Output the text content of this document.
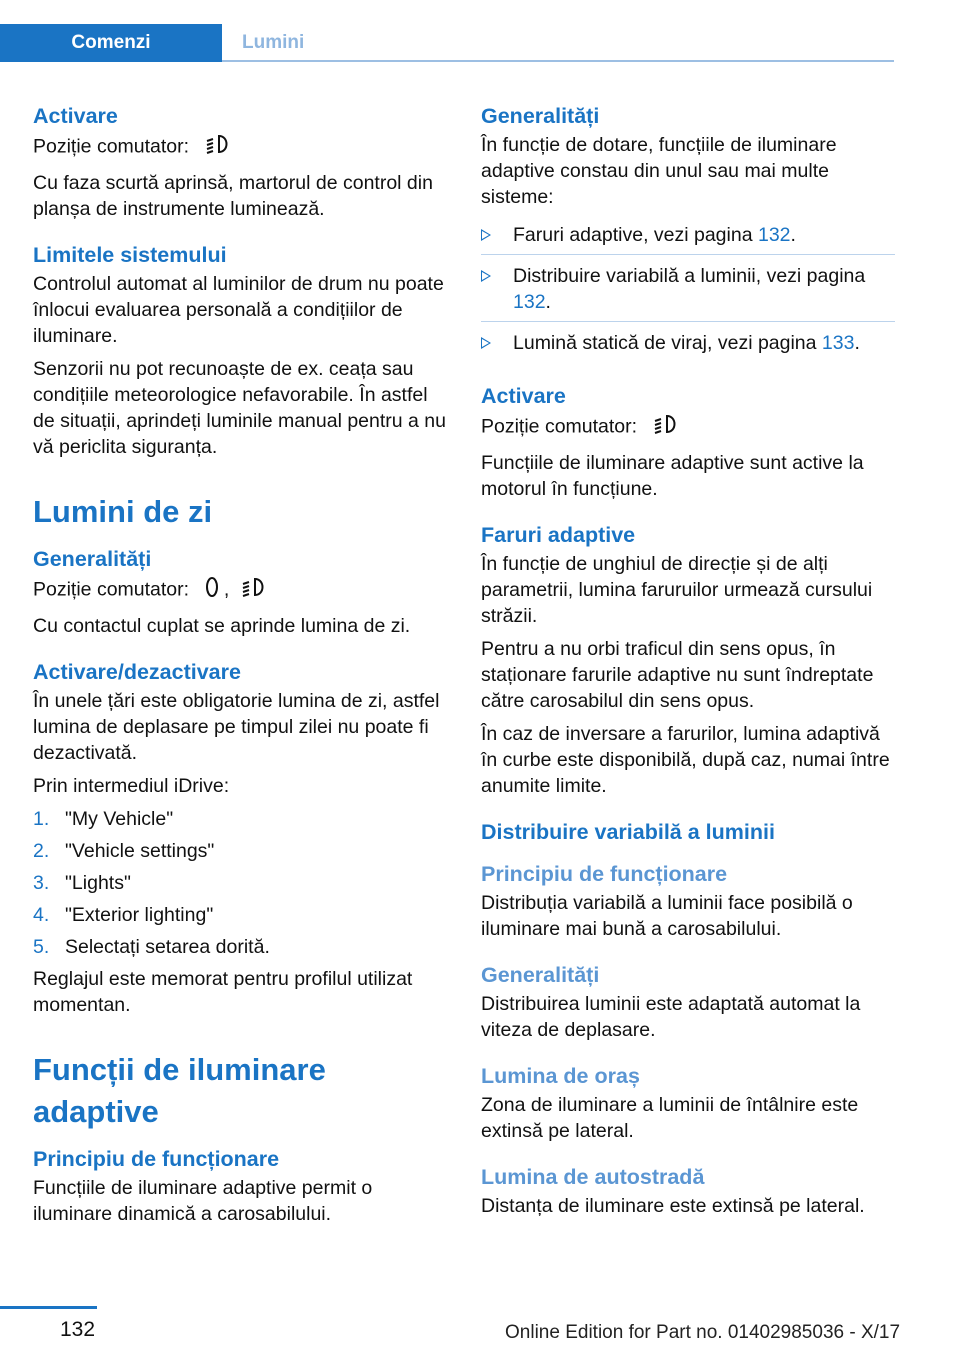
Comenzi	Lumini
Activare

Poziție comutator:

Cu faza scurtă aprinsă, martorul de control din planșa de instrumente luminează.

Limitele sistemului

Controlul automat al luminilor de drum nu poate înlocui evaluarea personală a condițiilor de iluminare.

Senzorii nu pot recunoaște de ex. ceața sau condițiile meteorologice nefavorabile. În astfel de situații, aprindeți luminile manual pentru a nu vă periclita siguranța.

Lumini de zi
Generalități

Poziție comutator: ,

Cu contactul cuplat se aprinde lumina de zi.

Activare/dezactivare

În unele țări este obligatorie lumina de zi, astfel lumina de deplasare pe timpul zilei nu poate fi dezactivată.

Prin intermediul iDrive:

1. "My Vehicle"
2. "Vehicle settings"
3. "Lights"
4. "Exterior lighting"
5. Selectați setarea dorită.

Reglajul este memorat pentru profilul utilizat momentan.

Funcții de iluminare adaptive
Principiu de funcționare

Funcțiile de iluminare adaptive permit o iluminare dinamică a carosabilului.

Generalități

În funcție de dotare, funcțiile de iluminare adaptive constau din unul sau mai multe sisteme:

Faruri adaptive, vezi pagina 132.
Distribuire variabilă a luminii, vezi pagina 132.
Lumină statică de viraj, vezi pagina 133.
Activare

Poziție comutator:

Funcțiile de iluminare adaptive sunt active la motorul în funcțiune.

Faruri adaptive

În funcție de unghiul de direcție și de alți parametrii, lumina faruruilor urmează cursului străzii.

Pentru a nu orbi traficul din sens opus, în staționare farurile adaptive nu sunt îndreptate către carosabilul din sens opus.

În caz de inversare a farurilor, lumina adaptivă în curbe este disponibilă, după caz, numai între anumite limite.

Distribuire variabilă a luminii
Principiu de funcționare

Distribuția variabilă a luminii face posibilă o iluminare mai bună a carosabilului.

Generalități

Distribuirea luminii este adaptată automat la viteza de deplasare.

Lumina de oraș

Zona de iluminare a luminii de întâlnire este extinsă pe lateral.

Lumina de autostradă

Distanța de iluminare este extinsă pe lateral.

132	Online Edition for Part no. 01402985036 - X/17
